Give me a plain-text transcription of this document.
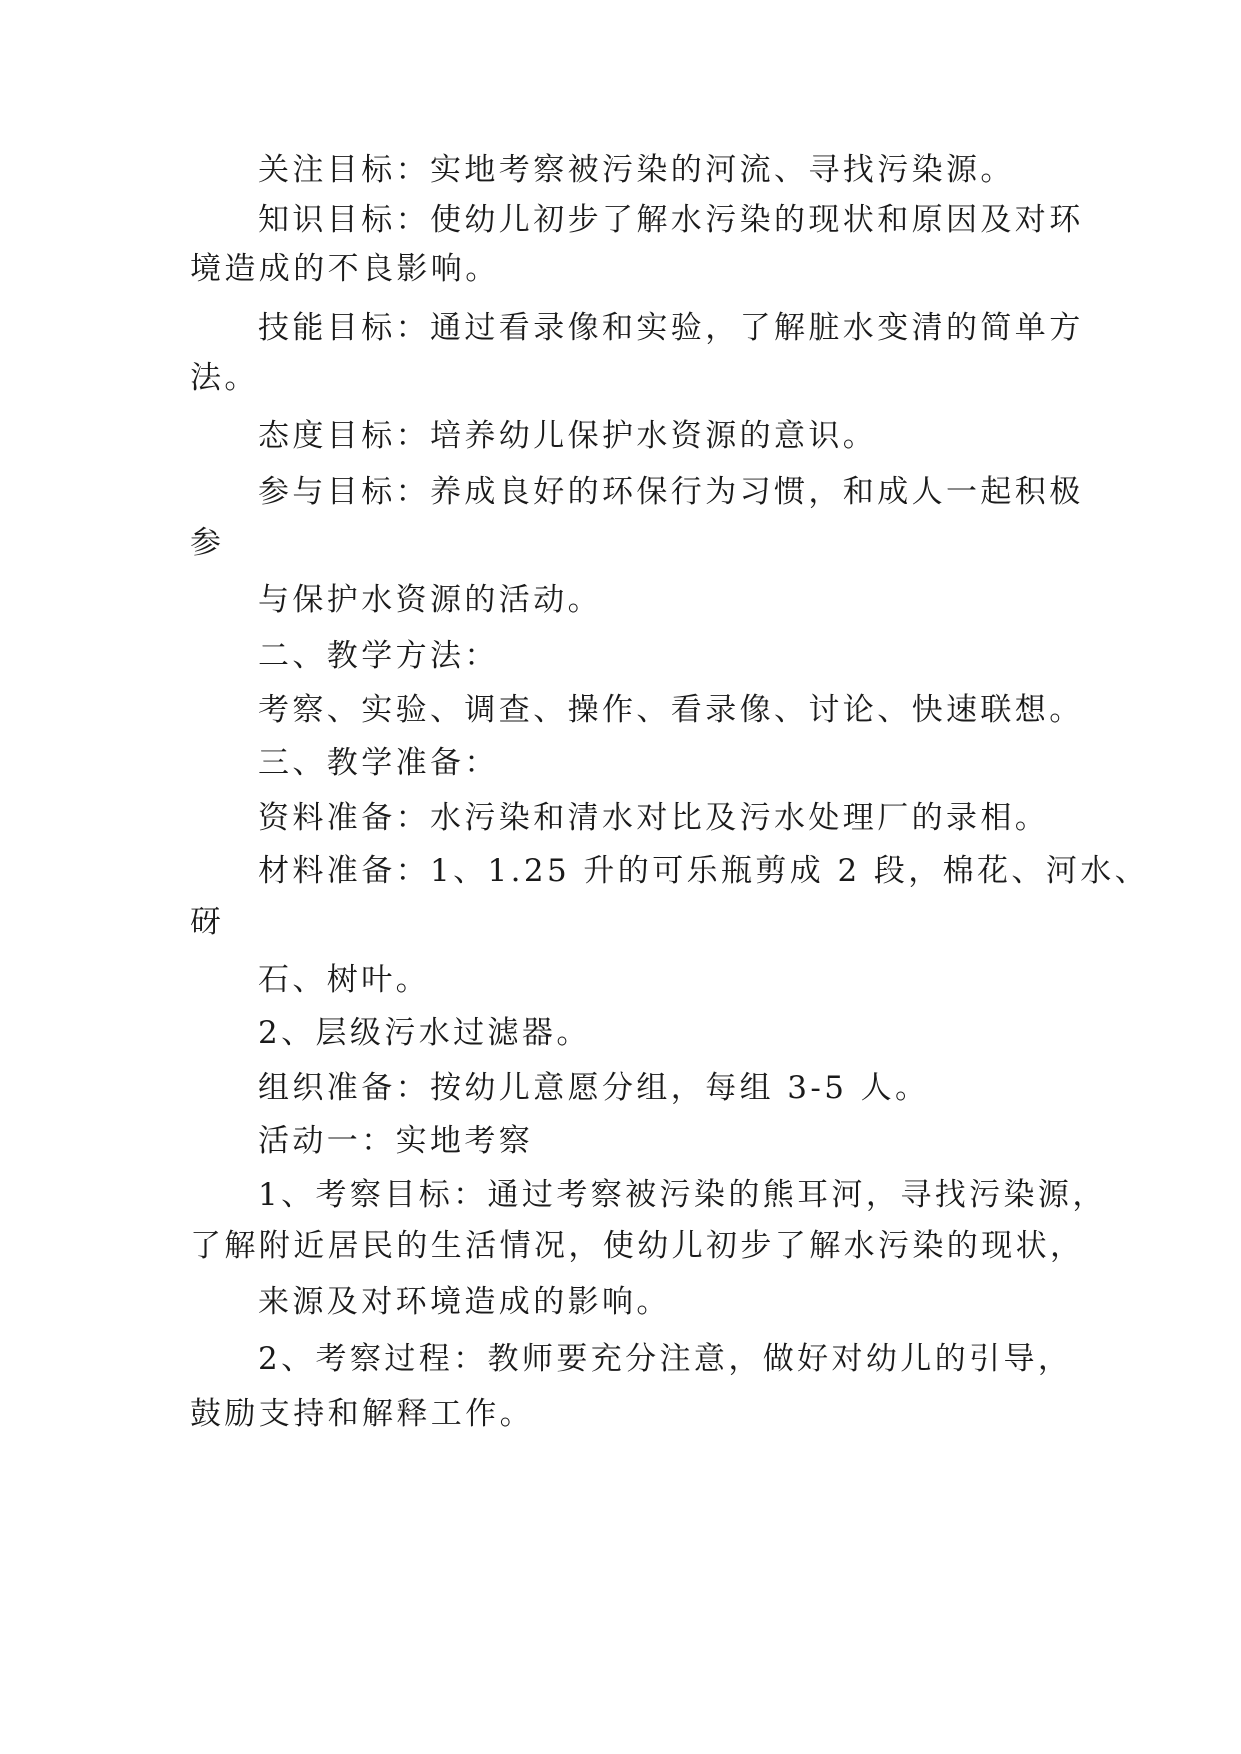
关注目标：实地考察被污染的河流、寻找污染源。
知识目标：使幼儿初步了解水污染的现状和原因及对环
境造成的不良影响。
技能目标：通过看录像和实验，了解脏水变清的简单方
法。
态度目标：培养幼儿保护水资源的意识。
参与目标：养成良好的环保行为习惯，和成人一起积极
参
与保护水资源的活动。
二、教学方法：
考察、实验、调查、操作、看录像、讨论、快速联想。
三、教学准备：
资料准备：水污染和清水对比及污水处理厂的录相。
材料准备：1、1.25 升的可乐瓶剪成 2 段，棉花、河水、
砑
石、树叶。
2、层级污水过滤器。
组织准备：按幼儿意愿分组，每组 3-5 人。
活动一：实地考察
1、考察目标：通过考察被污染的熊耳河，寻找污染源，
了解附近居民的生活情况，使幼儿初步了解水污染的现状，
来源及对环境造成的影响。
2、考察过程：教师要充分注意，做好对幼儿的引导，
鼓励支持和解释工作。
